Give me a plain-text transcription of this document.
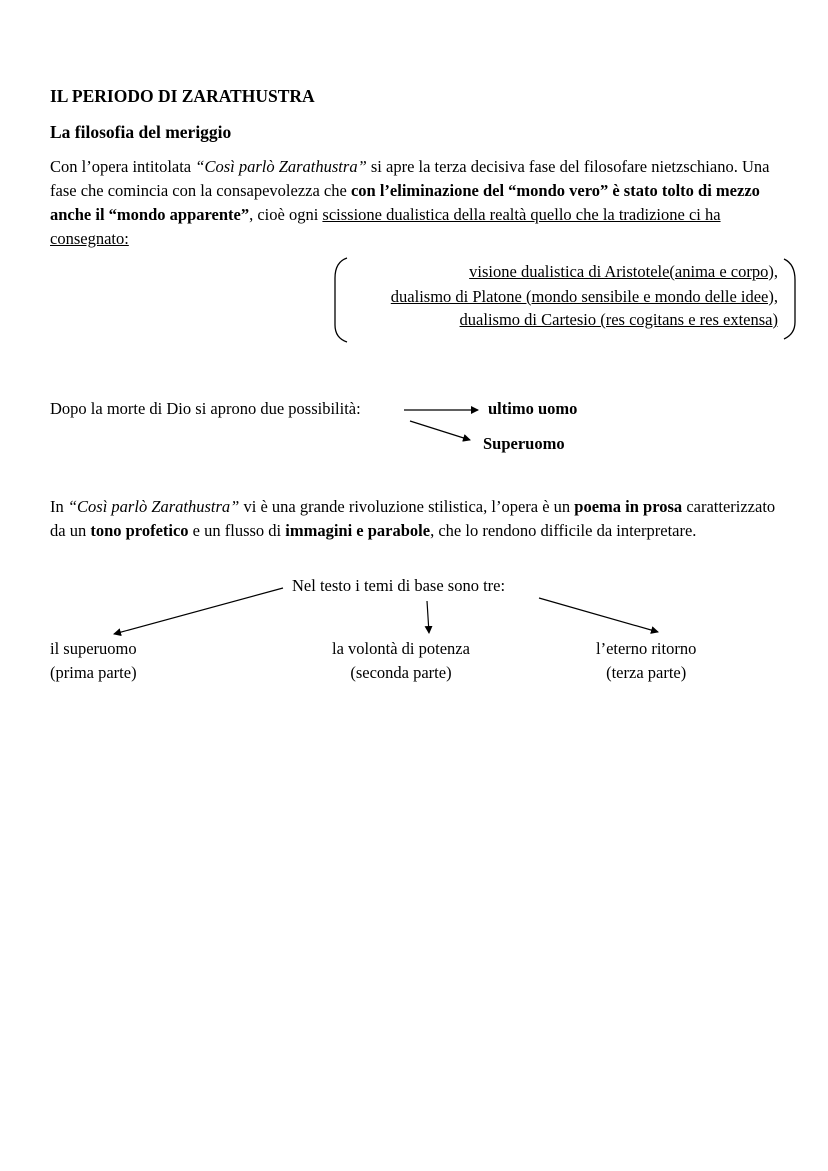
IL PERIODO DI ZARATHUSTRA
La filosofia del meriggio
Con l’opera intitolata “Così parlò Zarathustra” si apre la terza decisiva fase del filosofare nietzschiano. Una fase che comincia con la consapevolezza che con l’eliminazione del “mondo vero” è stato tolto di mezzo anche il “mondo apparente”, cioè ogni scissione dualistica della realtà quello che la tradizione ci ha consegnato:
visione dualistica di Aristotele(anima e corpo),
dualismo di Platone (mondo sensibile e mondo delle idee),
dualismo di Cartesio (res cogitans e res extensa)
Dopo la morte di Dio si aprono due possibilità:	ultimo uomo
Superuomo
In “Così parlò Zarathustra” vi è una grande rivoluzione stilistica, l’opera è un poema in prosa caratterizzato da un tono profetico e un flusso di immagini e parabole, che lo rendono difficile da interpretare.
Nel testo i temi di base sono tre:
il superuomo
(prima parte)
la volontà di potenza
(seconda parte)
l’eterno ritorno
(terza parte)
